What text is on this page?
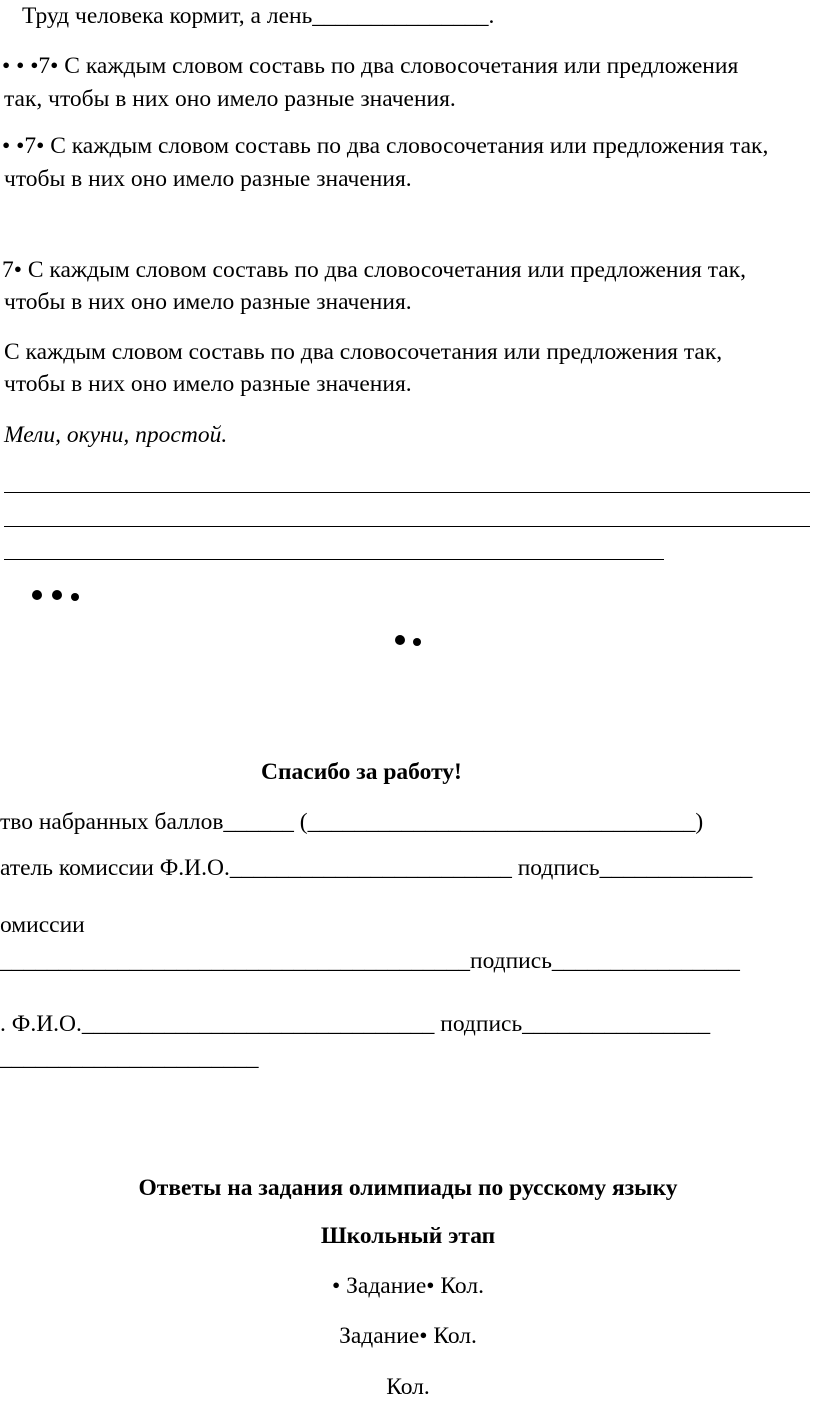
Труд человека кормит, а лень_______________.
• • •7• С каждым словом составь по два словосочетания или предложения
так, чтобы в них оно имело разные значения.
• •7• С каждым словом составь по два словосочетания или предложения так,
чтобы в них оно имело разные значения.
7• С каждым словом составь по два словосочетания или предложения так,
чтобы в них оно имело разные значения.
С каждым словом составь по два словосочетания или предложения так,
чтобы в них оно имело разные значения.
Мели, окуни, простой.
Спасибо за работу!
тво набранных баллов______ (_________________________________)
атель комиссии Ф.И.О.________________________ подпись_____________
омиссии
________________________________________подпись________________
. Ф.И.О.______________________________ подпись________________
______________________
Ответы на задания олимпиады по русскому языку
Школьный этап
• Задание• Кол.
Задание• Кол.
Кол.
